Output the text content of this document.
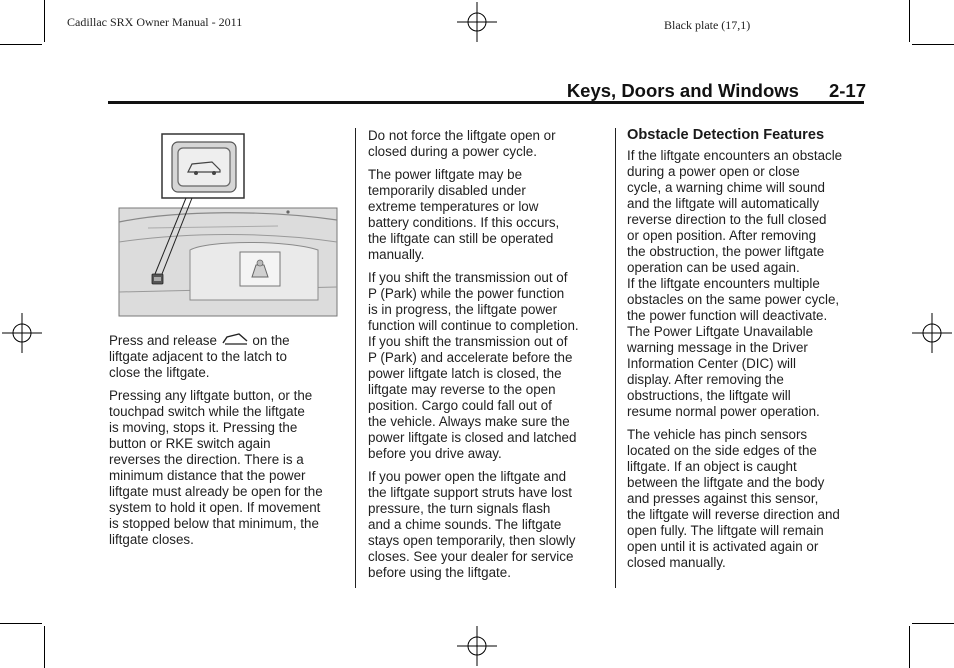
Cadillac SRX Owner Manual - 2011	Black plate (17,1)
Keys, Doors and Windows 2-17

Press and release	on the
liftgate adjacent to the latch to
close the liftgate.

Pressing any liftgate button, or the
touchpad switch while the liftgate
is moving, stops it. Pressing the
button or RKE switch again
reverses the direction. There is a
minimum distance that the power
liftgate must already be open for the
system to hold it open. If movement
is stopped below that minimum, the
liftgate closes.

Do not force the liftgate open or
closed during a power cycle.

The power liftgate may be
temporarily disabled under
extreme temperatures or low
battery conditions. If this occurs,
the liftgate can still be operated
manually.

If you shift the transmission out of
P (Park) while the power function
is in progress, the liftgate power
function will continue to completion.
If you shift the transmission out of
P (Park) and accelerate before the
power liftgate latch is closed, the
liftgate may reverse to the open
position. Cargo could fall out of
the vehicle. Always make sure the
power liftgate is closed and latched
before you drive away.

If you power open the liftgate and
the liftgate support struts have lost
pressure, the turn signals flash
and a chime sounds. The liftgate
stays open temporarily, then slowly
closes. See your dealer for service
before using the liftgate.

Obstacle Detection Features

If the liftgate encounters an obstacle
during a power open or close
cycle, a warning chime will sound
and the liftgate will automatically
reverse direction to the full closed
or open position. After removing
the obstruction, the power liftgate
operation can be used again.
If the liftgate encounters multiple
obstacles on the same power cycle,
the power function will deactivate.
The Power Liftgate Unavailable
warning message in the Driver
Information Center (DIC) will
display. After removing the
obstructions, the liftgate will
resume normal power operation.

The vehicle has pinch sensors
located on the side edges of the
liftgate. If an object is caught
between the liftgate and the body
and presses against this sensor,
the liftgate will reverse direction and
open fully. The liftgate will remain
open until it is activated again or
closed manually.
